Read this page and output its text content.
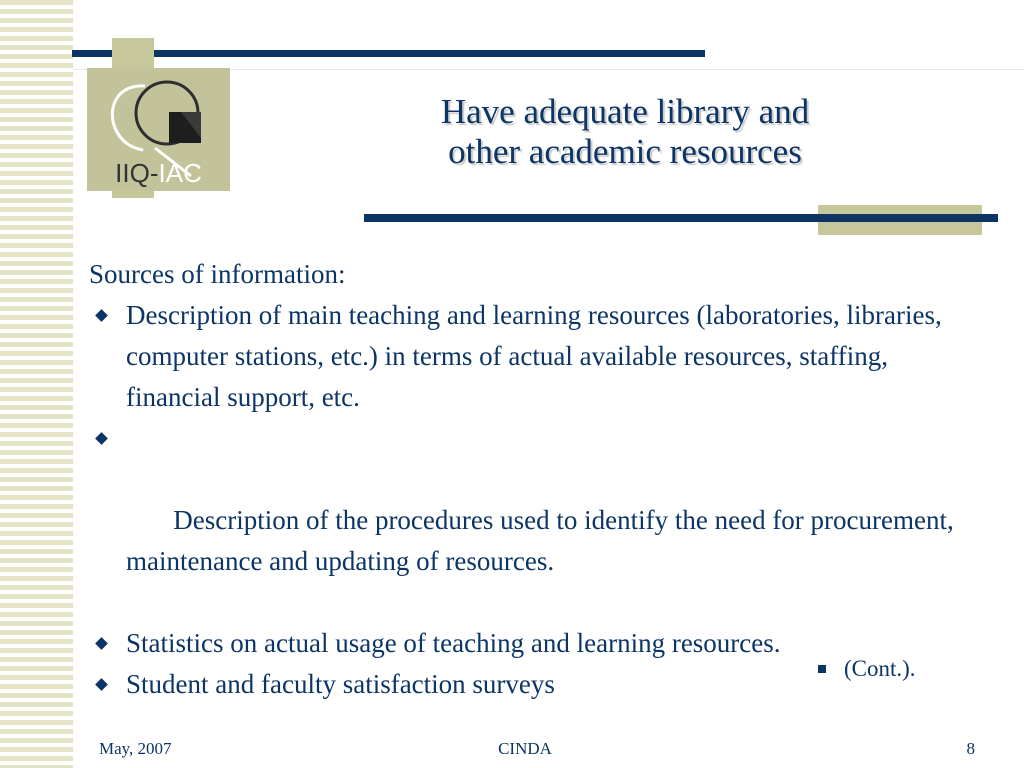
IIQ-IAC
Have adequate library and
other academic resources

Sources of information:

Description of main teaching and learning resources (laboratories, libraries, computer stations, etc.) in terms of actual available resources, staffing, financial support, etc.

Description of the procedures used to identify the need for procurement, maintenance and updating of resources.

Statistics on actual usage of teaching and learning resources.
Student and faculty satisfaction surveys
(Cont.).
May, 2007	CINDA	8
